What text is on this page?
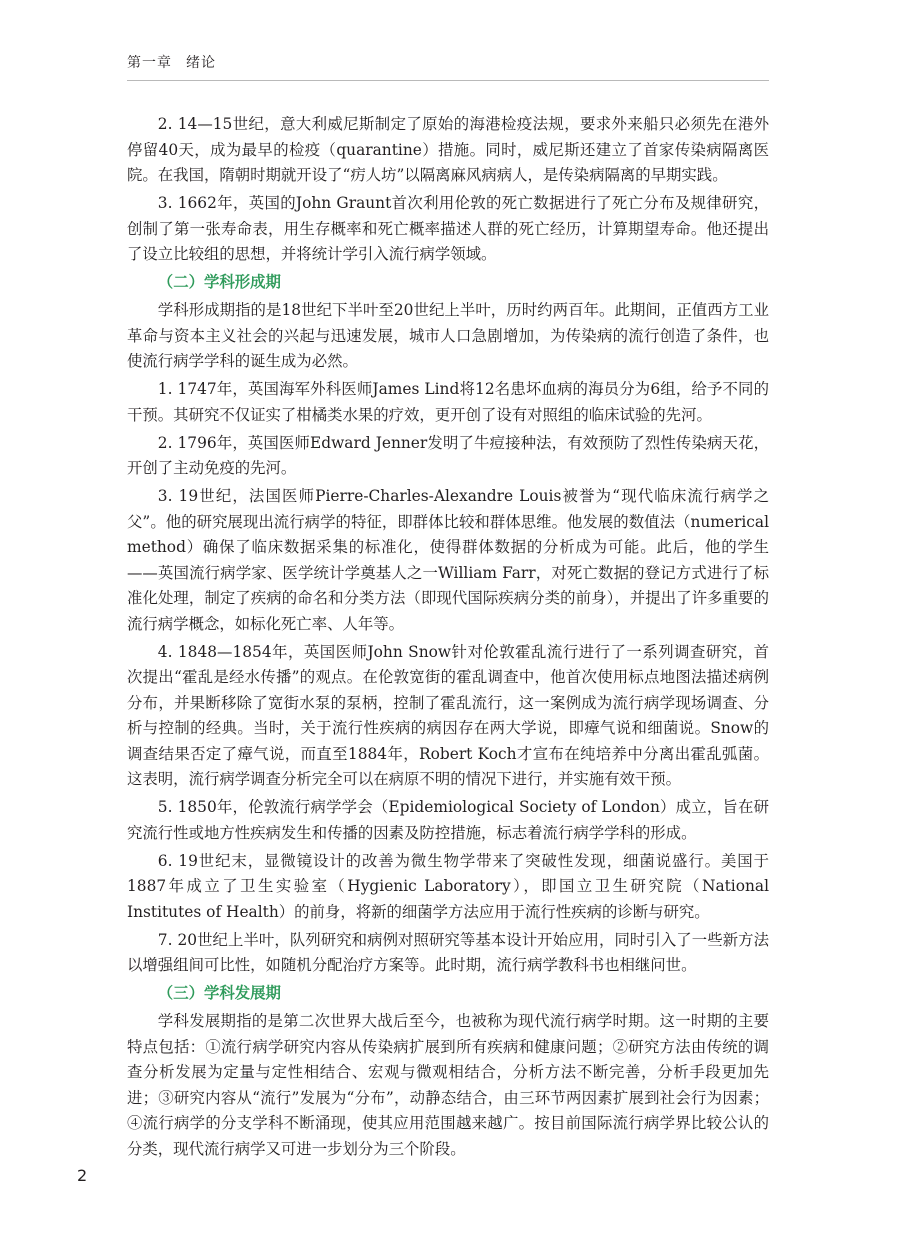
第一章 绪论

2. 14—15世纪，意大利威尼斯制定了原始的海港检疫法规，要求外来船只必须先在港外停留40天，成为最早的检疫（quarantine）措施。同时，威尼斯还建立了首家传染病隔离医院。在我国，隋朝时期就开设了“疠人坊”以隔离麻风病病人，是传染病隔离的早期实践。

3. 1662年，英国的John Graunt首次利用伦敦的死亡数据进行了死亡分布及规律研究，创制了第一张寿命表，用生存概率和死亡概率描述人群的死亡经历，计算期望寿命。他还提出了设立比较组的思想，并将统计学引入流行病学领域。

（二）学科形成期

学科形成期指的是18世纪下半叶至20世纪上半叶，历时约两百年。此期间，正值西方工业革命与资本主义社会的兴起与迅速发展，城市人口急剧增加，为传染病的流行创造了条件，也使流行病学学科的诞生成为必然。

1. 1747年，英国海军外科医师James Lind将12名患坏血病的海员分为6组，给予不同的干预。其研究不仅证实了柑橘类水果的疗效，更开创了设有对照组的临床试验的先河。

2. 1796年，英国医师Edward Jenner发明了牛痘接种法，有效预防了烈性传染病天花，开创了主动免疫的先河。

3. 19世纪，法国医师Pierre-Charles-Alexandre Louis被誉为“现代临床流行病学之父”。他的研究展现出流行病学的特征，即群体比较和群体思维。他发展的数值法（numerical method）确保了临床数据采集的标准化，使得群体数据的分析成为可能。此后，他的学生——英国流行病学家、医学统计学奠基人之一William Farr，对死亡数据的登记方式进行了标准化处理，制定了疾病的命名和分类方法（即现代国际疾病分类的前身），并提出了许多重要的流行病学概念，如标化死亡率、人年等。

4. 1848—1854年，英国医师John Snow针对伦敦霍乱流行进行了一系列调查研究，首次提出“霍乱是经水传播”的观点。在伦敦宽街的霍乱调查中，他首次使用标点地图法描述病例分布，并果断移除了宽街水泵的泵柄，控制了霍乱流行，这一案例成为流行病学现场调查、分析与控制的经典。当时，关于流行性疾病的病因存在两大学说，即瘴气说和细菌说。Snow的调查结果否定了瘴气说，而直至1884年，Robert Koch才宣布在纯培养中分离出霍乱弧菌。这表明，流行病学调查分析完全可以在病原不明的情况下进行，并实施有效干预。

5. 1850年，伦敦流行病学学会（Epidemiological Society of London）成立，旨在研究流行性或地方性疾病发生和传播的因素及防控措施，标志着流行病学学科的形成。

6. 19世纪末，显微镜设计的改善为微生物学带来了突破性发现，细菌说盛行。美国于1887年成立了卫生实验室（Hygienic Laboratory），即国立卫生研究院（National Institutes of Health）的前身，将新的细菌学方法应用于流行性疾病的诊断与研究。

7. 20世纪上半叶，队列研究和病例对照研究等基本设计开始应用，同时引入了一些新方法以增强组间可比性，如随机分配治疗方案等。此时期，流行病学教科书也相继问世。

（三）学科发展期

学科发展期指的是第二次世界大战后至今，也被称为现代流行病学时期。这一时期的主要特点包括：①流行病学研究内容从传染病扩展到所有疾病和健康问题；②研究方法由传统的调查分析发展为定量与定性相结合、宏观与微观相结合，分析方法不断完善，分析手段更加先进；③研究内容从“流行”发展为“分布”，动静态结合，由三环节两因素扩展到社会行为因素；④流行病学的分支学科不断涌现，使其应用范围越来越广。按目前国际流行病学界比较公认的分类，现代流行病学又可进一步划分为三个阶段。

2
